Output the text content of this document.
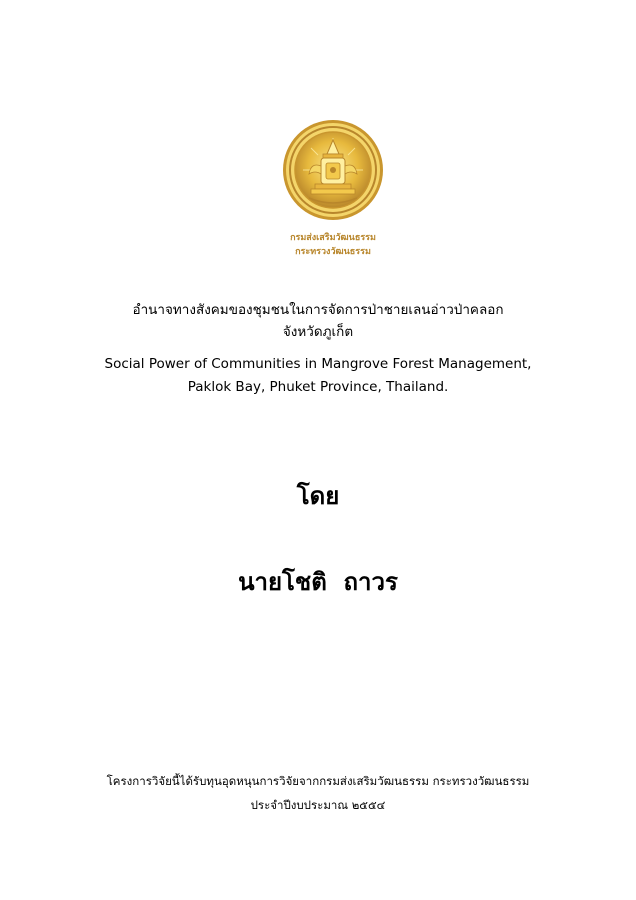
กรมส่งเสริมวัฒนธรรม
กระทรวงวัฒนธรรม
อำนาจทางสังคมของชุมชนในการจัดการป่าชายเลนอ่าวป่าคลอก
จังหวัดภูเก็ต
Social Power of Communities in Mangrove Forest Management,
Paklok Bay, Phuket Province, Thailand.
โดย
นายโชติ  ถาวร
โครงการวิจัยนี้ได้รับทุนอุดหนุนการวิจัยจากกรมส่งเสริมวัฒนธรรม กระทรวงวัฒนธรรม
ประจำปีงบประมาณ ๒๕๕๔
